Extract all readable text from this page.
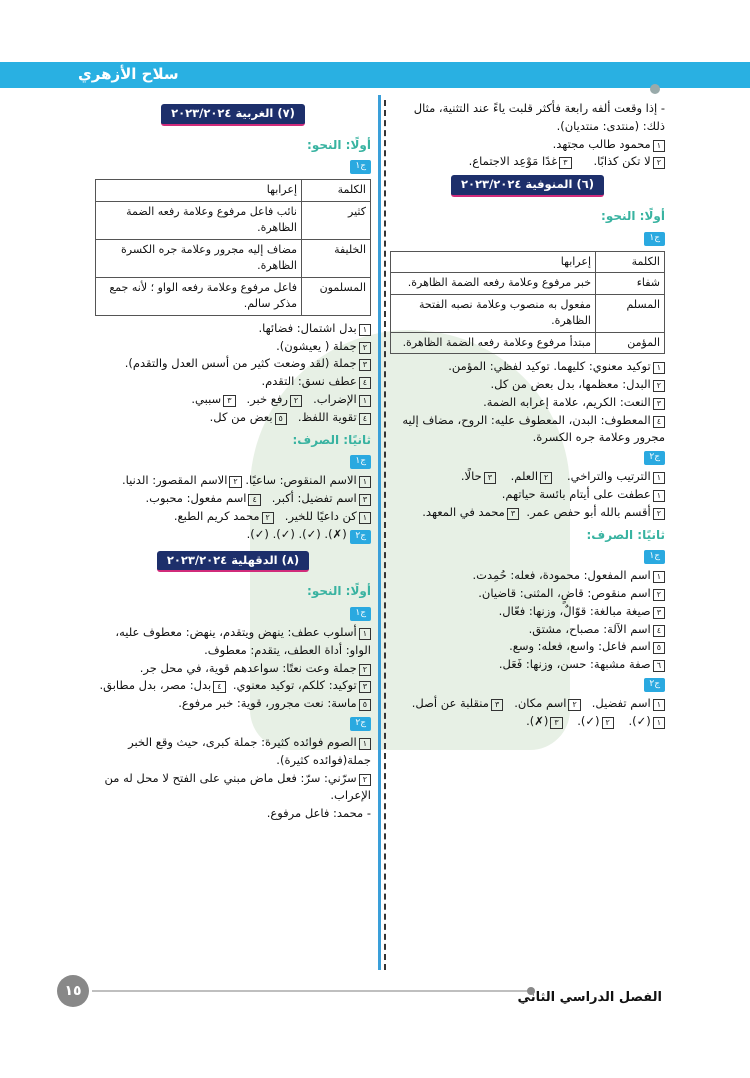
سلاح الأزهري

- إذا وقعت ألفه رابعة فأكثر قلبت ياءً عند التثنية، مثال

ذلك: (منتدى: منتديان).

١محمود طالب مجتهد.

٢لا تكن كذابًا.      ٣غدًا مَوْعِد الاجتماع.

(٦) المنوفية ٢٠٢٣/٢٠٢٤
أولًا: النحو:
ج١
الكلمة	إعرابها
شفاء	خبر مرفوع وعلامة رفعه الضمة الظاهرة.
المسلم	مفعول به منصوب وعلامة نصبه الفتحة الظاهرة.
المؤمن	مبتدأ مرفوع وعلامة رفعه الضمة الظاهرة.

١توكيد معنوي: كليهما. توكيد لفظي: المؤمن.

٢البدل: معظمها، بدل بعض من كل.

٣النعت: الكريم، علامة إعرابه الضمة.

٤المعطوف: البدن، المعطوف عليه: الروح، مضاف إليه

مجرور وعلامة جره الكسرة.

ج٢

١الترتيب والتراخي.    ٢العلم.    ٣حالًا.

١عطفت على أيتام بائسة حياتهم.

٢أقسم بالله أبو حفص عمر.  ٣محمد في المعهد.

ثانيًا: الصرف:
ج١

١اسم المفعول: محمودة، فعله: حُمِدت.

٢اسم منقوص: قاضٍ، المثنى: قاضيان.

٣صيغة مبالغة: قوّالٌ، وزنها: فعّال.

٤اسم الآلة: مصباح، مشتق.

٥اسم فاعل: واسع، فعله: وسع.

٦صفة مشبهة: حسن، وزنها: فَعَل.

ج٢

١اسم تفضيل.   ٢اسم مكان.   ٣منقلبة عن أصل.

١(✓).    ٢(✓).    ٣(✗).

(٧) الغربية ٢٠٢٣/٢٠٢٤
أولًا: النحو:
ج١
الكلمة	إعرابها
كثير	نائب فاعل مرفوع وعلامة رفعه الضمة الظاهرة.
الخليفة	مضاف إليه مجرور وعلامة جره الكسرة الظاهرة.
المسلمون	فاعل مرفوع وعلامة رفعه الواو ؛ لأنه جمع مذكر سالم.

١بدل اشتمال: فضائها.

٢جملة ( يعيشون).

٣جملة (لقد وضعت كثير من أسس العدل والتقدم).

٤عطف نسق: التقدم.

١الإضراب.   ٢رفع خبر.   ٣سببي.

٤تقوية اللفظ.   ٥بعض من كل.

ثانيًا: الصرف:
ج١

١الاسم المنقوص: ساعيًا. ٢الاسم المقصور: الدنيا.

٣اسم تفضيل: أكبر.   ٤اسم مفعول: محبوب.

١كن داعيًا للخير.   ٢محمد كريم الطبع.

ج٢ (✗). (✓). (✓). (✓).

(٨) الدقهلية ٢٠٢٣/٢٠٢٤
أولًا: النحو:
ج١

١أسلوب عطف: ينهض ويتقدم، ينهض: معطوف عليه،

الواو: أداة العطف، يتقدم: معطوف.

٢جملة وعت نعتًا: سواعدهم قوية، في محل جر.

٣توكيد: كلكم، توكيد معنوي.  ٤بدل: مصر، بدل مطابق.

٥ماسة: نعت مجرور، قوية: خبر مرفوع.

ج٢

١الصوم فوائده كثيرة: جملة كبرى، حيث وقع الخبر

جملة(فوائده كثيرة).

٢سرّني: سرّ: فعل ماض مبني على الفتح لا محل له من

الإعراب.

- محمد: فاعل مرفوع.

١٥	الفصل الدراسي الثاني
